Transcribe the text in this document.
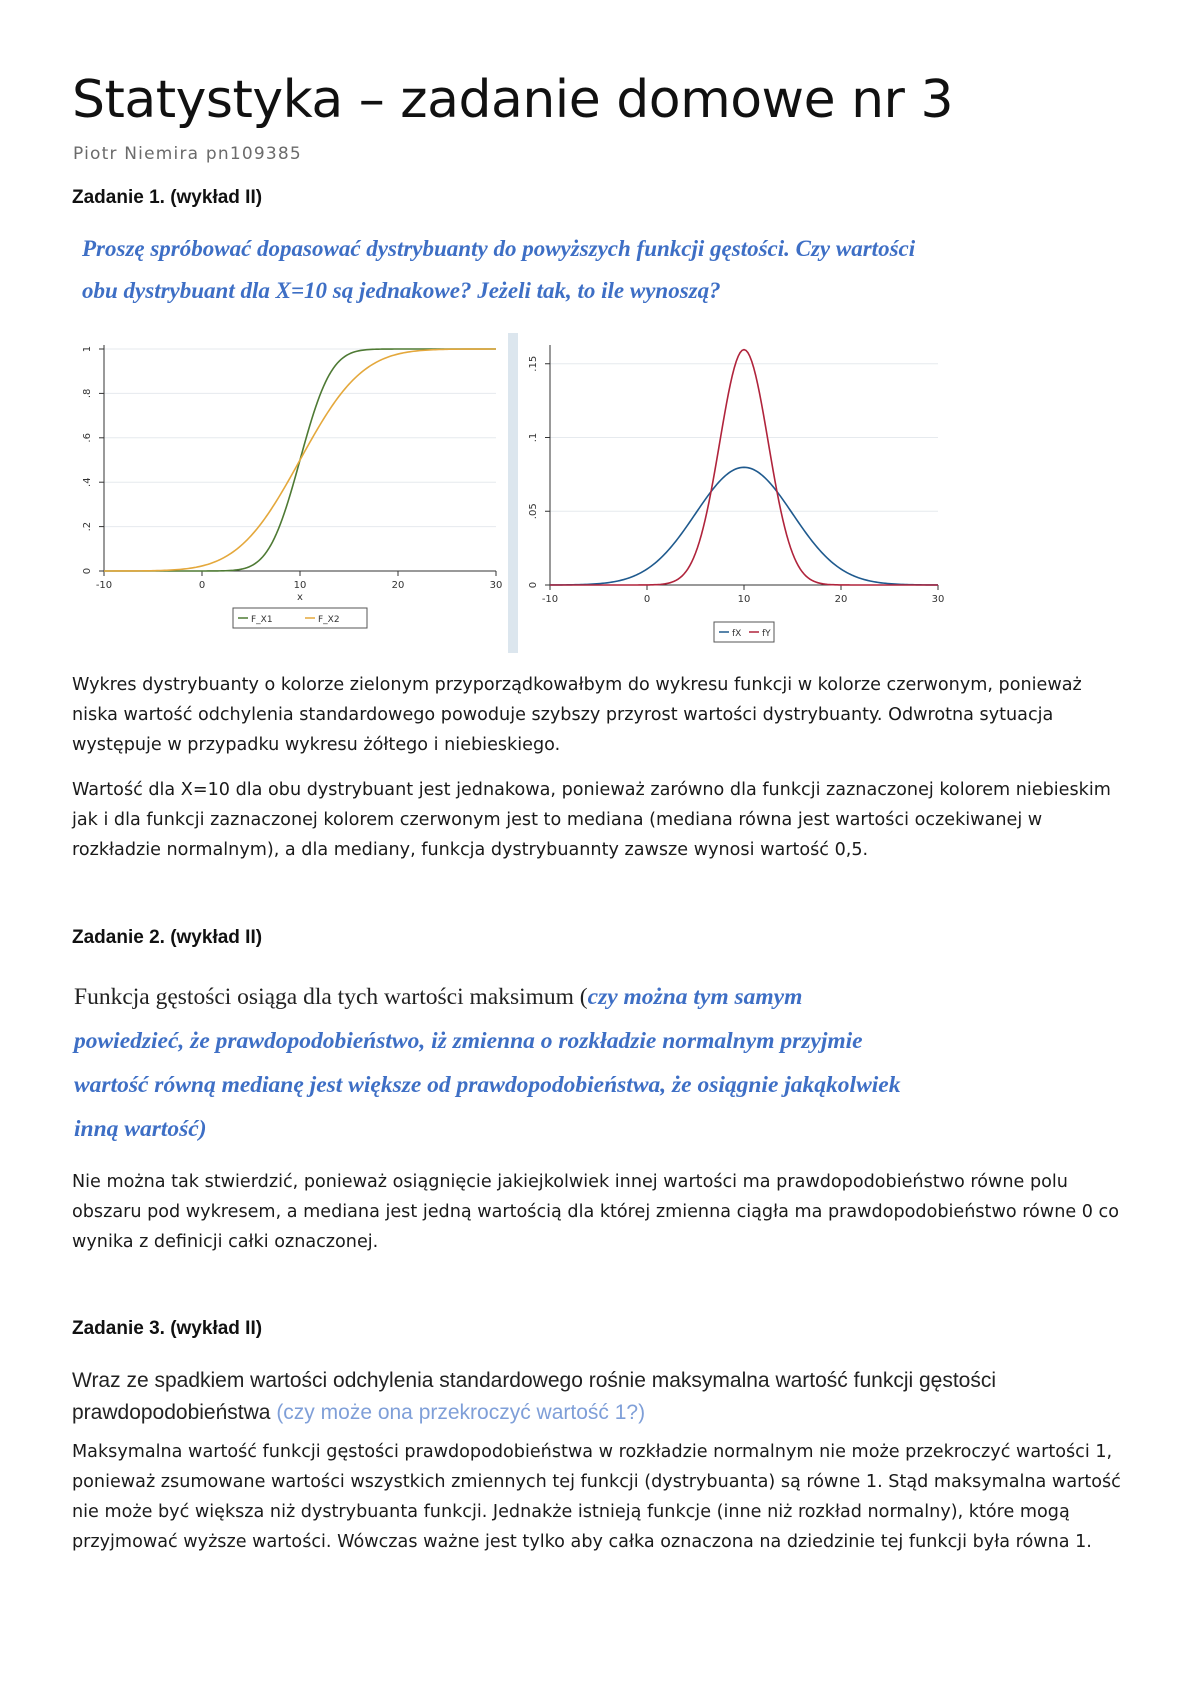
Statystyka – zadanie domowe nr 3
Piotr Niemira pn109385
Zadanie 1. (wykład II)
Proszę spróbować dopasować dystrybuanty do powyższych funkcji gęstości. Czy wartości
obu dystrybuant dla X=10 są jednakowe? Jeżeli tak, to ile wynoszą?
0
.2
.4
.6
.8
1
-10	0	10	20	30
x
F_X1	F_X2
0
.05
.1
.15
-10	0	10	20	30
fX fY

Wykres dystrybuanty o kolorze zielonym przyporządkowałbym do wykresu funkcji w kolorze czerwonym, ponieważ niska wartość odchylenia standardowego powoduje szybszy przyrost wartości dystrybuanty. Odwrotna sytuacja występuje w przypadku wykresu żółtego i niebieskiego.

Wartość dla X=10 dla obu dystrybuant jest jednakowa, ponieważ zarówno dla funkcji zaznaczonej kolorem niebieskim jak i dla funkcji zaznaczonej kolorem czerwonym jest to mediana (mediana równa jest wartości oczekiwanej w rozkładzie normalnym), a dla mediany, funkcja dystrybuannty zawsze wynosi wartość 0,5.

Zadanie 2. (wykład II)
Funkcja gęstości osiąga dla tych wartości maksimum (czy można tym samym
powiedzieć, że prawdopodobieństwo, iż zmienna o rozkładzie normalnym przyjmie
wartość równą medianę jest większe od prawdopodobieństwa, że osiągnie jakąkolwiek
inną wartość)

Nie można tak stwierdzić, ponieważ osiągnięcie jakiejkolwiek innej wartości ma prawdopodobieństwo równe polu obszaru pod wykresem, a mediana jest jedną wartością dla której zmienna ciągła ma prawdopodobieństwo równe 0 co wynika z definicji całki oznaczonej.

Zadanie 3. (wykład II)
Wraz ze spadkiem wartości odchylenia standardowego rośnie maksymalna wartość funkcji gęstości prawdopodobieństwa (czy może ona przekroczyć wartość 1?)

Maksymalna wartość funkcji gęstości prawdopodobieństwa w rozkładzie normalnym nie może przekroczyć wartości 1, ponieważ zsumowane wartości wszystkich zmiennych tej funkcji (dystrybuanta) są równe 1. Stąd maksymalna wartość nie może być większa niż dystrybuanta funkcji. Jednakże istnieją funkcje (inne niż rozkład normalny), które mogą przyjmować wyższe wartości. Wówczas ważne jest tylko aby całka oznaczona na dziedzinie tej funkcji była równa 1.
